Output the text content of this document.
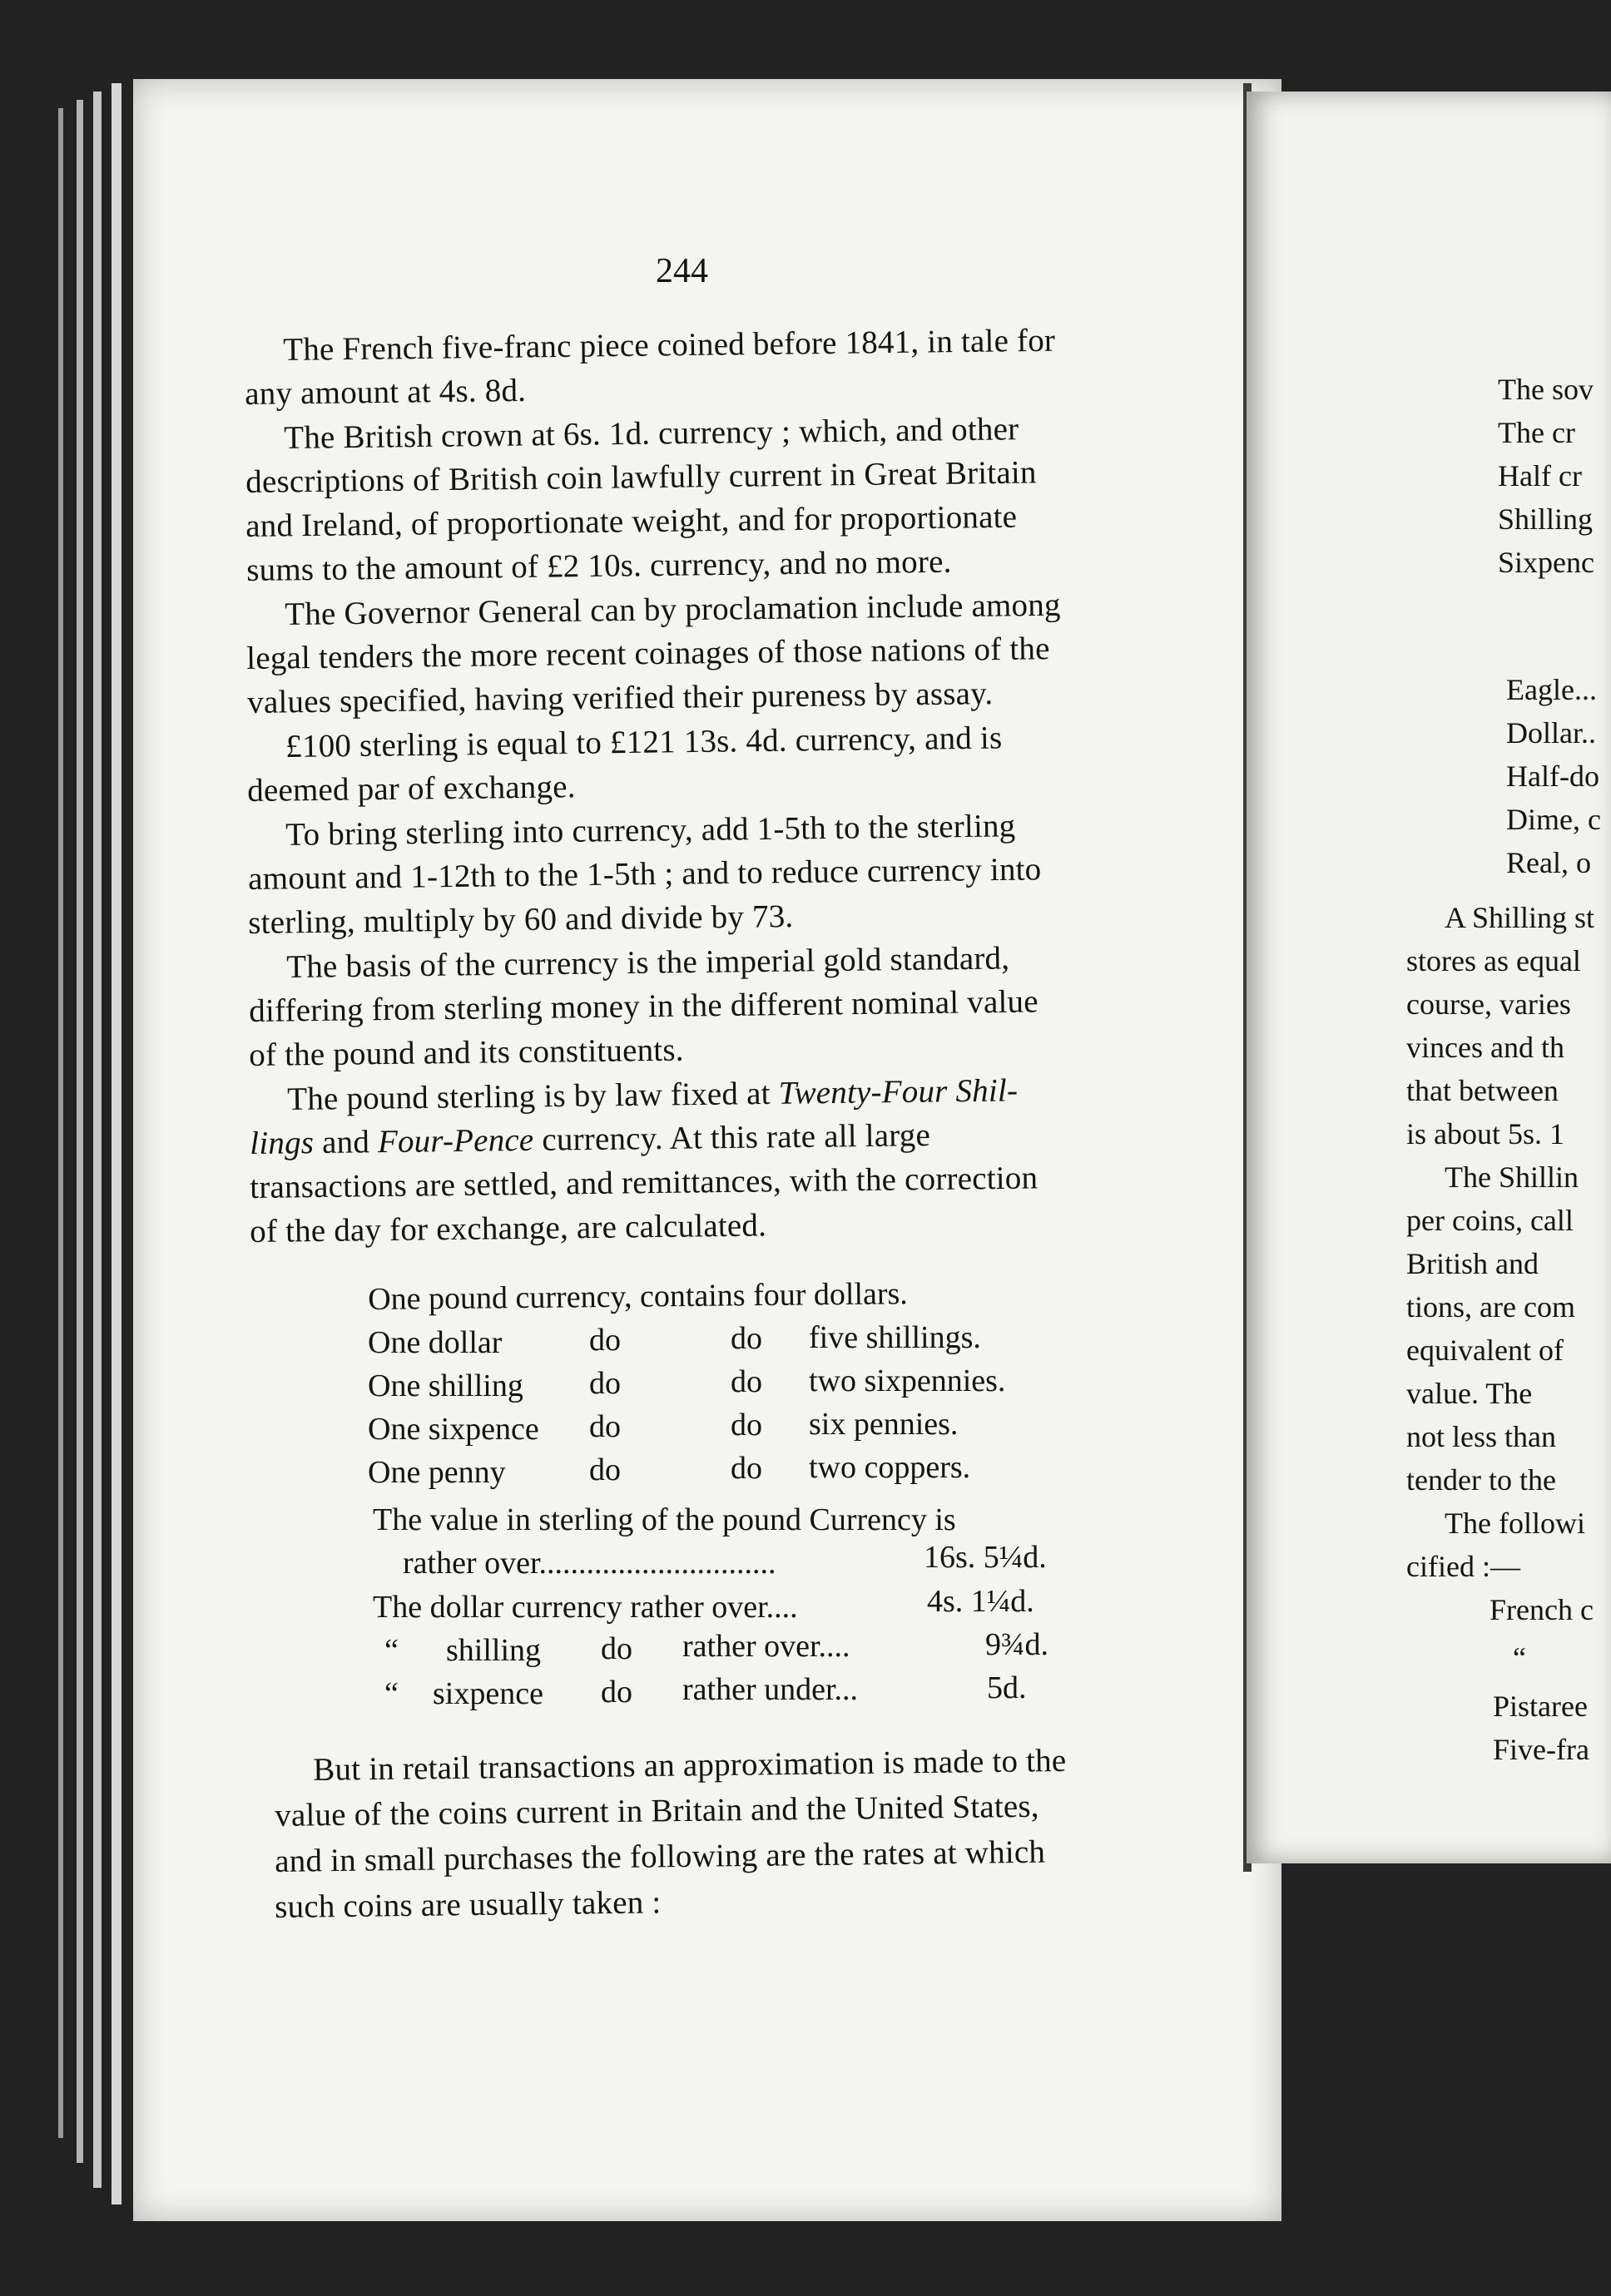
244
The French five-franc piece coined before 1841, in tale for
any amount at 4s. 8d.
The British crown at 6s. 1d. currency ; which, and other
descriptions of British coin lawfully current in Great Britain
and Ireland, of proportionate weight, and for proportionate
sums to the amount of £2 10s. currency, and no more.
The Governor General can by proclamation include among
legal tenders the more recent coinages of those nations of the
values specified, having verified their pureness by assay.
£100 sterling is equal to £121 13s. 4d. currency, and is
deemed par of exchange.
To bring sterling into currency, add 1-5th to the sterling
amount and 1-12th to the 1-5th ; and to reduce currency into
sterling, multiply by 60 and divide by 73.
The basis of the currency is the imperial gold standard,
differing from sterling money in the different nominal value
of the pound and its constituents.
The pound sterling is by law fixed at Twenty-Four Shil-
lings and Four-Pence currency. At this rate all large
transactions are settled, and remittances, with the correction
of the day for exchange, are calculated.
One pound currency, contains four dollars.
One dollar	do	do five shillings.
One shilling do	do two sixpennies.
One sixpence do	do six pennies.
One penny	do	do two coppers.
The value in sterling of the pound Currency is
rather over..............................	16s. 5¼d.
The dollar currency rather over....	4s. 1¼d.
“ shilling do rather over....	9¾d.
“ sixpence do rather under...	5d.
But in retail transactions an approximation is made to the
value of the coins current in Britain and the United States,
and in small purchases the following are the rates at which
such coins are usually taken :
The sov
The cr
Half cr
Shilling
Sixpenc
Eagle...
Dollar..
Half-do
Dime, c
Real, o
A Shilling st
stores as equal
course, varies
vinces and th
that between
is about 5s. 1
The Shillin
per coins, call
British and
tions, are com
equivalent of
value. The
not less than
tender to the
The followi
cified :—
French c
“
Pistaree
Five-fra
